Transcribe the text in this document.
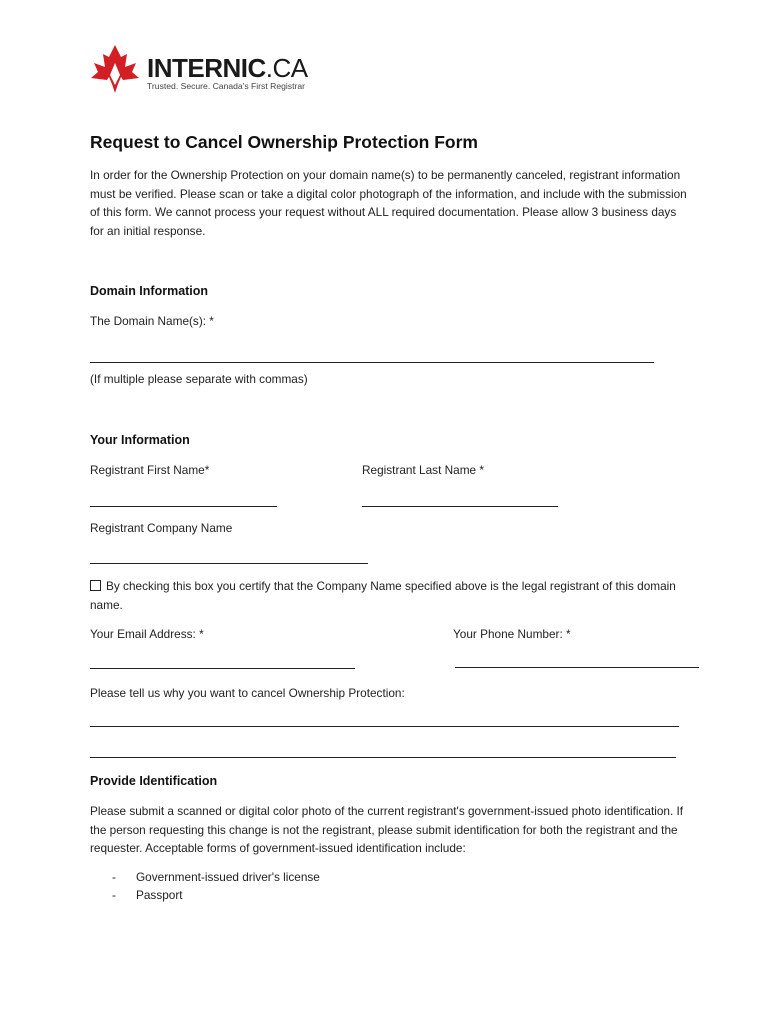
INTERNIC.CA
Trusted. Secure. Canada's First Registrar
Request to Cancel Ownership Protection Form
In order for the Ownership Protection on your domain name(s) to be permanently canceled, registrant information must be verified. Please scan or take a digital color photograph of the information, and include with the submission of this form. We cannot process your request without ALL required documentation. Please allow 3 business days for an initial response.
Domain Information
The Domain Name(s): *
(If multiple please separate with commas)
Your Information
Registrant First Name*	Registrant Last Name *
Registrant Company Name
By checking this box you certify that the Company Name specified above is the legal registrant of this domain name.
Your Email Address: *	Your Phone Number: *
Please tell us why you want to cancel Ownership Protection:
Provide Identification
Please submit a scanned or digital color photo of the current registrant's government-issued photo identification. If the person requesting this change is not the registrant, please submit identification for both the registrant and the requester. Acceptable forms of government-issued identification include:
- Government-issued driver's license
- Passport
